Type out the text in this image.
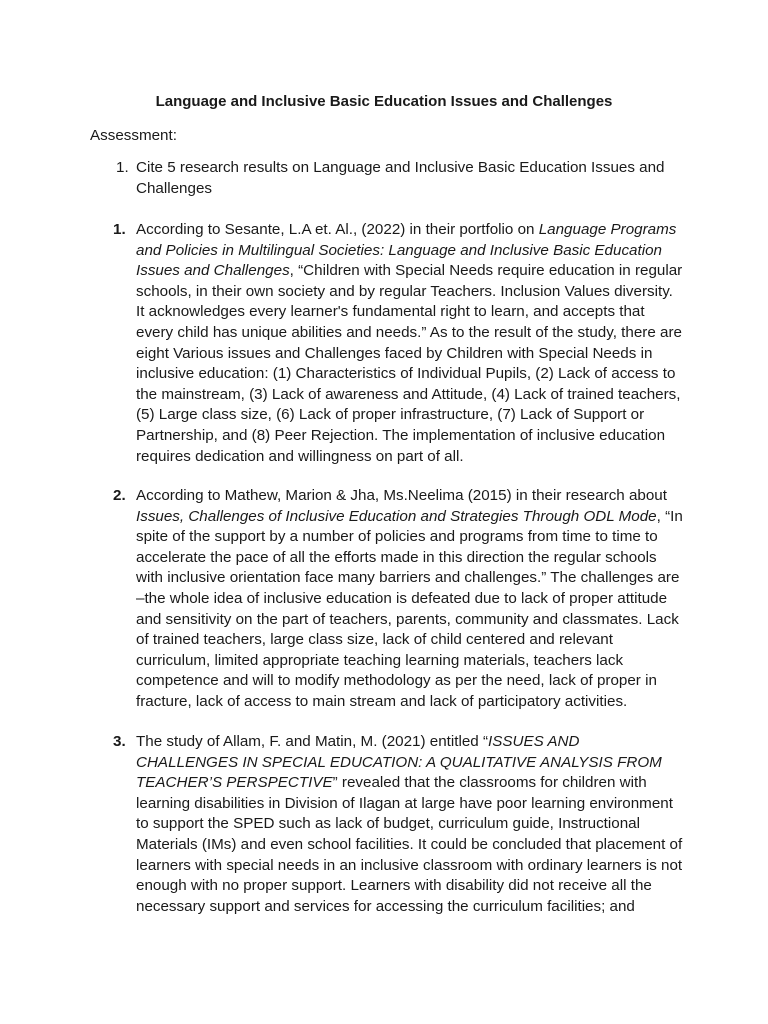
Language and Inclusive Basic Education Issues and Challenges
Assessment:
1. Cite 5 research results on Language and Inclusive Basic Education Issues and Challenges
1. According to Sesante, L.A et. Al., (2022) in their portfolio on Language Programs and Policies in Multilingual Societies: Language and Inclusive Basic Education Issues and Challenges, “Children with Special Needs require education in regular schools, in their own society and by regular Teachers. Inclusion Values diversity. It acknowledges every learner's fundamental right to learn, and accepts that every child has unique abilities and needs.” As to the result of the study, there are eight Various issues and Challenges faced by Children with Special Needs in inclusive education: (1) Characteristics of Individual Pupils, (2) Lack of access to the mainstream, (3) Lack of awareness and Attitude, (4) Lack of trained teachers, (5) Large class size, (6) Lack of proper infrastructure, (7) Lack of Support or Partnership, and (8) Peer Rejection. The implementation of inclusive education requires dedication and willingness on part of all.
2. According to Mathew, Marion & Jha, Ms.Neelima (2015) in their research about Issues, Challenges of Inclusive Education and Strategies Through ODL Mode, “In spite of the support by a number of policies and programs from time to time to accelerate the pace of all the efforts made in this direction the regular schools with inclusive orientation face many barriers and challenges.” The challenges are –the whole idea of inclusive education is defeated due to lack of proper attitude and sensitivity on the part of teachers, parents, community and classmates. Lack of trained teachers, large class size, lack of child centered and relevant curriculum, limited appropriate teaching learning materials, teachers lack competence and will to modify methodology as per the need, lack of proper in fracture, lack of access to main stream and lack of participatory activities.
3. The study of Allam, F. and Matin, M. (2021) entitled “ISSUES AND CHALLENGES IN SPECIAL EDUCATION: A QUALITATIVE ANALYSIS FROM TEACHER’S PERSPECTIVE” revealed that the classrooms for children with learning disabilities in Division of Ilagan at large have poor learning environment to support the SPED such as lack of budget, curriculum guide, Instructional Materials (IMs) and even school facilities. It could be concluded that placement of learners with special needs in an inclusive classroom with ordinary learners is not enough with no proper support. Learners with disability did not receive all the necessary support and services for accessing the curriculum facilities; and
